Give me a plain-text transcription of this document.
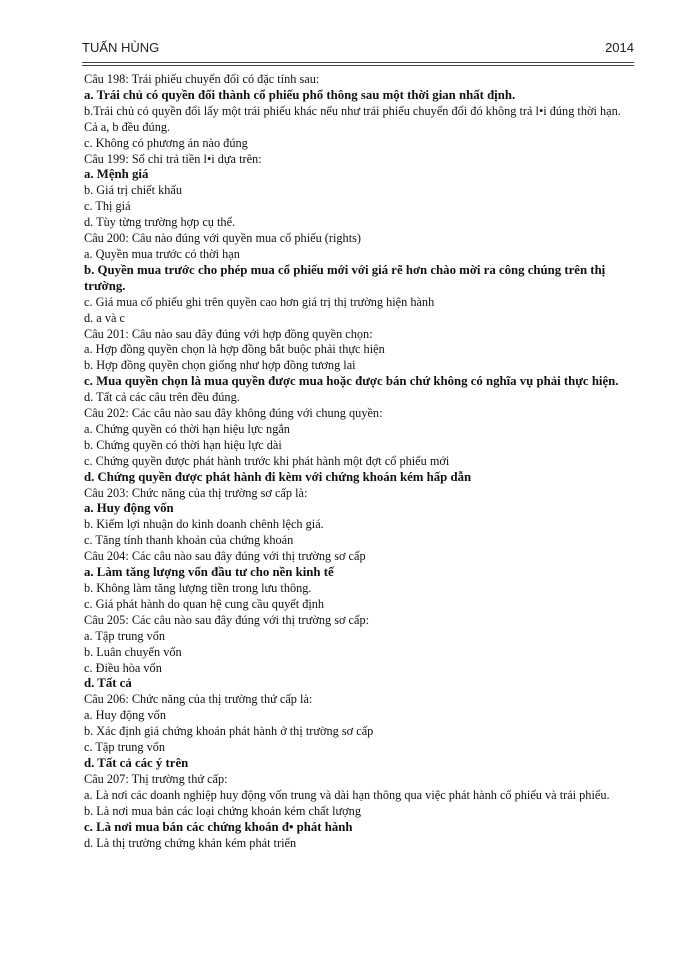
TUẤN HÙNG	2014
Câu 198: Trái phiếu chuyển đổi có đặc tính sau:
a. Trái chủ có quyền đổi thành cổ phiếu phổ thông sau một thời gian nhất định.
b.Trái chủ có quyền đổi lấy một trái phiếu khác nếu như trái phiếu chuyển đổi đó không trả l•i đúng thời hạn.
Cả a, b đều đúng.
c. Không có phương án nào đúng
Câu 199: Số chi trả tiền l•i dựa trên:
a. Mệnh giá
b. Giá trị chiết khấu
c. Thị giá
d. Tùy từng trường hợp cụ thể.
Câu 200: Câu nào đúng với quyền mua cổ phiếu (rights)
a. Quyền mua trước có thời hạn
b. Quyền mua trước cho phép mua cổ phiếu mới với giá rẽ hơn chào mời ra công chúng trên thị trường.
c. Giá mua cổ phiếu ghi trên quyền cao hơn giá trị thị trường hiện hành
d. a và c
Câu 201: Câu nào sau đây đúng với hợp đồng quyền chọn:
a. Hợp đồng quyền chọn là hợp đồng bắt buộc phải thực hiện
b. Hợp đồng quyền chọn giống như hợp đồng tương lai
c. Mua quyền chọn là mua quyền được mua hoặc được bán chứ không có nghĩa vụ phải thực hiện.
d. Tất cả các câu trên đều đúng.
Câu 202: Các câu nào sau đây không đúng với chung quyền:
a. Chứng quyền có thời hạn hiệu lực ngắn
b. Chứng quyền có thời hạn hiệu lực dài
c. Chứng quyền được phát hành trước khi phát hành một đợt cổ phiếu mới
d. Chứng quyền được phát hành đi kèm với chứng khoán kém hấp dẫn
Câu 203: Chức năng của thị trường sơ cấp là:
a. Huy động vốn
b. Kiếm lợi nhuận do kinh doanh chênh lệch giá.
c. Tăng tính thanh khoản của chứng khoán
Câu 204: Các câu nào sau đây đúng với thị trường sơ cấp
a. Làm tăng lượng vốn đầu tư cho nền kinh tế
b. Không làm tăng lượng tiền trong lưu thông.
c. Giá phát hành do quan hệ cung cầu quyết định
Câu 205: Các câu nào sau đây đúng với thị trường sơ cấp:
a. Tập trung vốn
b. Luân chuyển vốn
c. Điều hòa vốn
d. Tất cả
Câu 206: Chức năng của thị trường thứ cấp là:
a. Huy động vốn
b. Xác định giá chứng khoán phát hành ở thị trường sơ cấp
c. Tập trung vốn
d. Tất cả các ý trên
Câu 207: Thị trường thứ cấp:
a. Là nơi các doanh nghiệp huy động vốn trung và dài hạn thông qua việc phát hành cổ phiếu và trái phiếu.
b. Là nơi mua bán các loại chứng khoán kém chất lượng
c. Là nơi mua bán các chứng khoán đ• phát hành
d. Là thị trường chứng khán kém phát triển
